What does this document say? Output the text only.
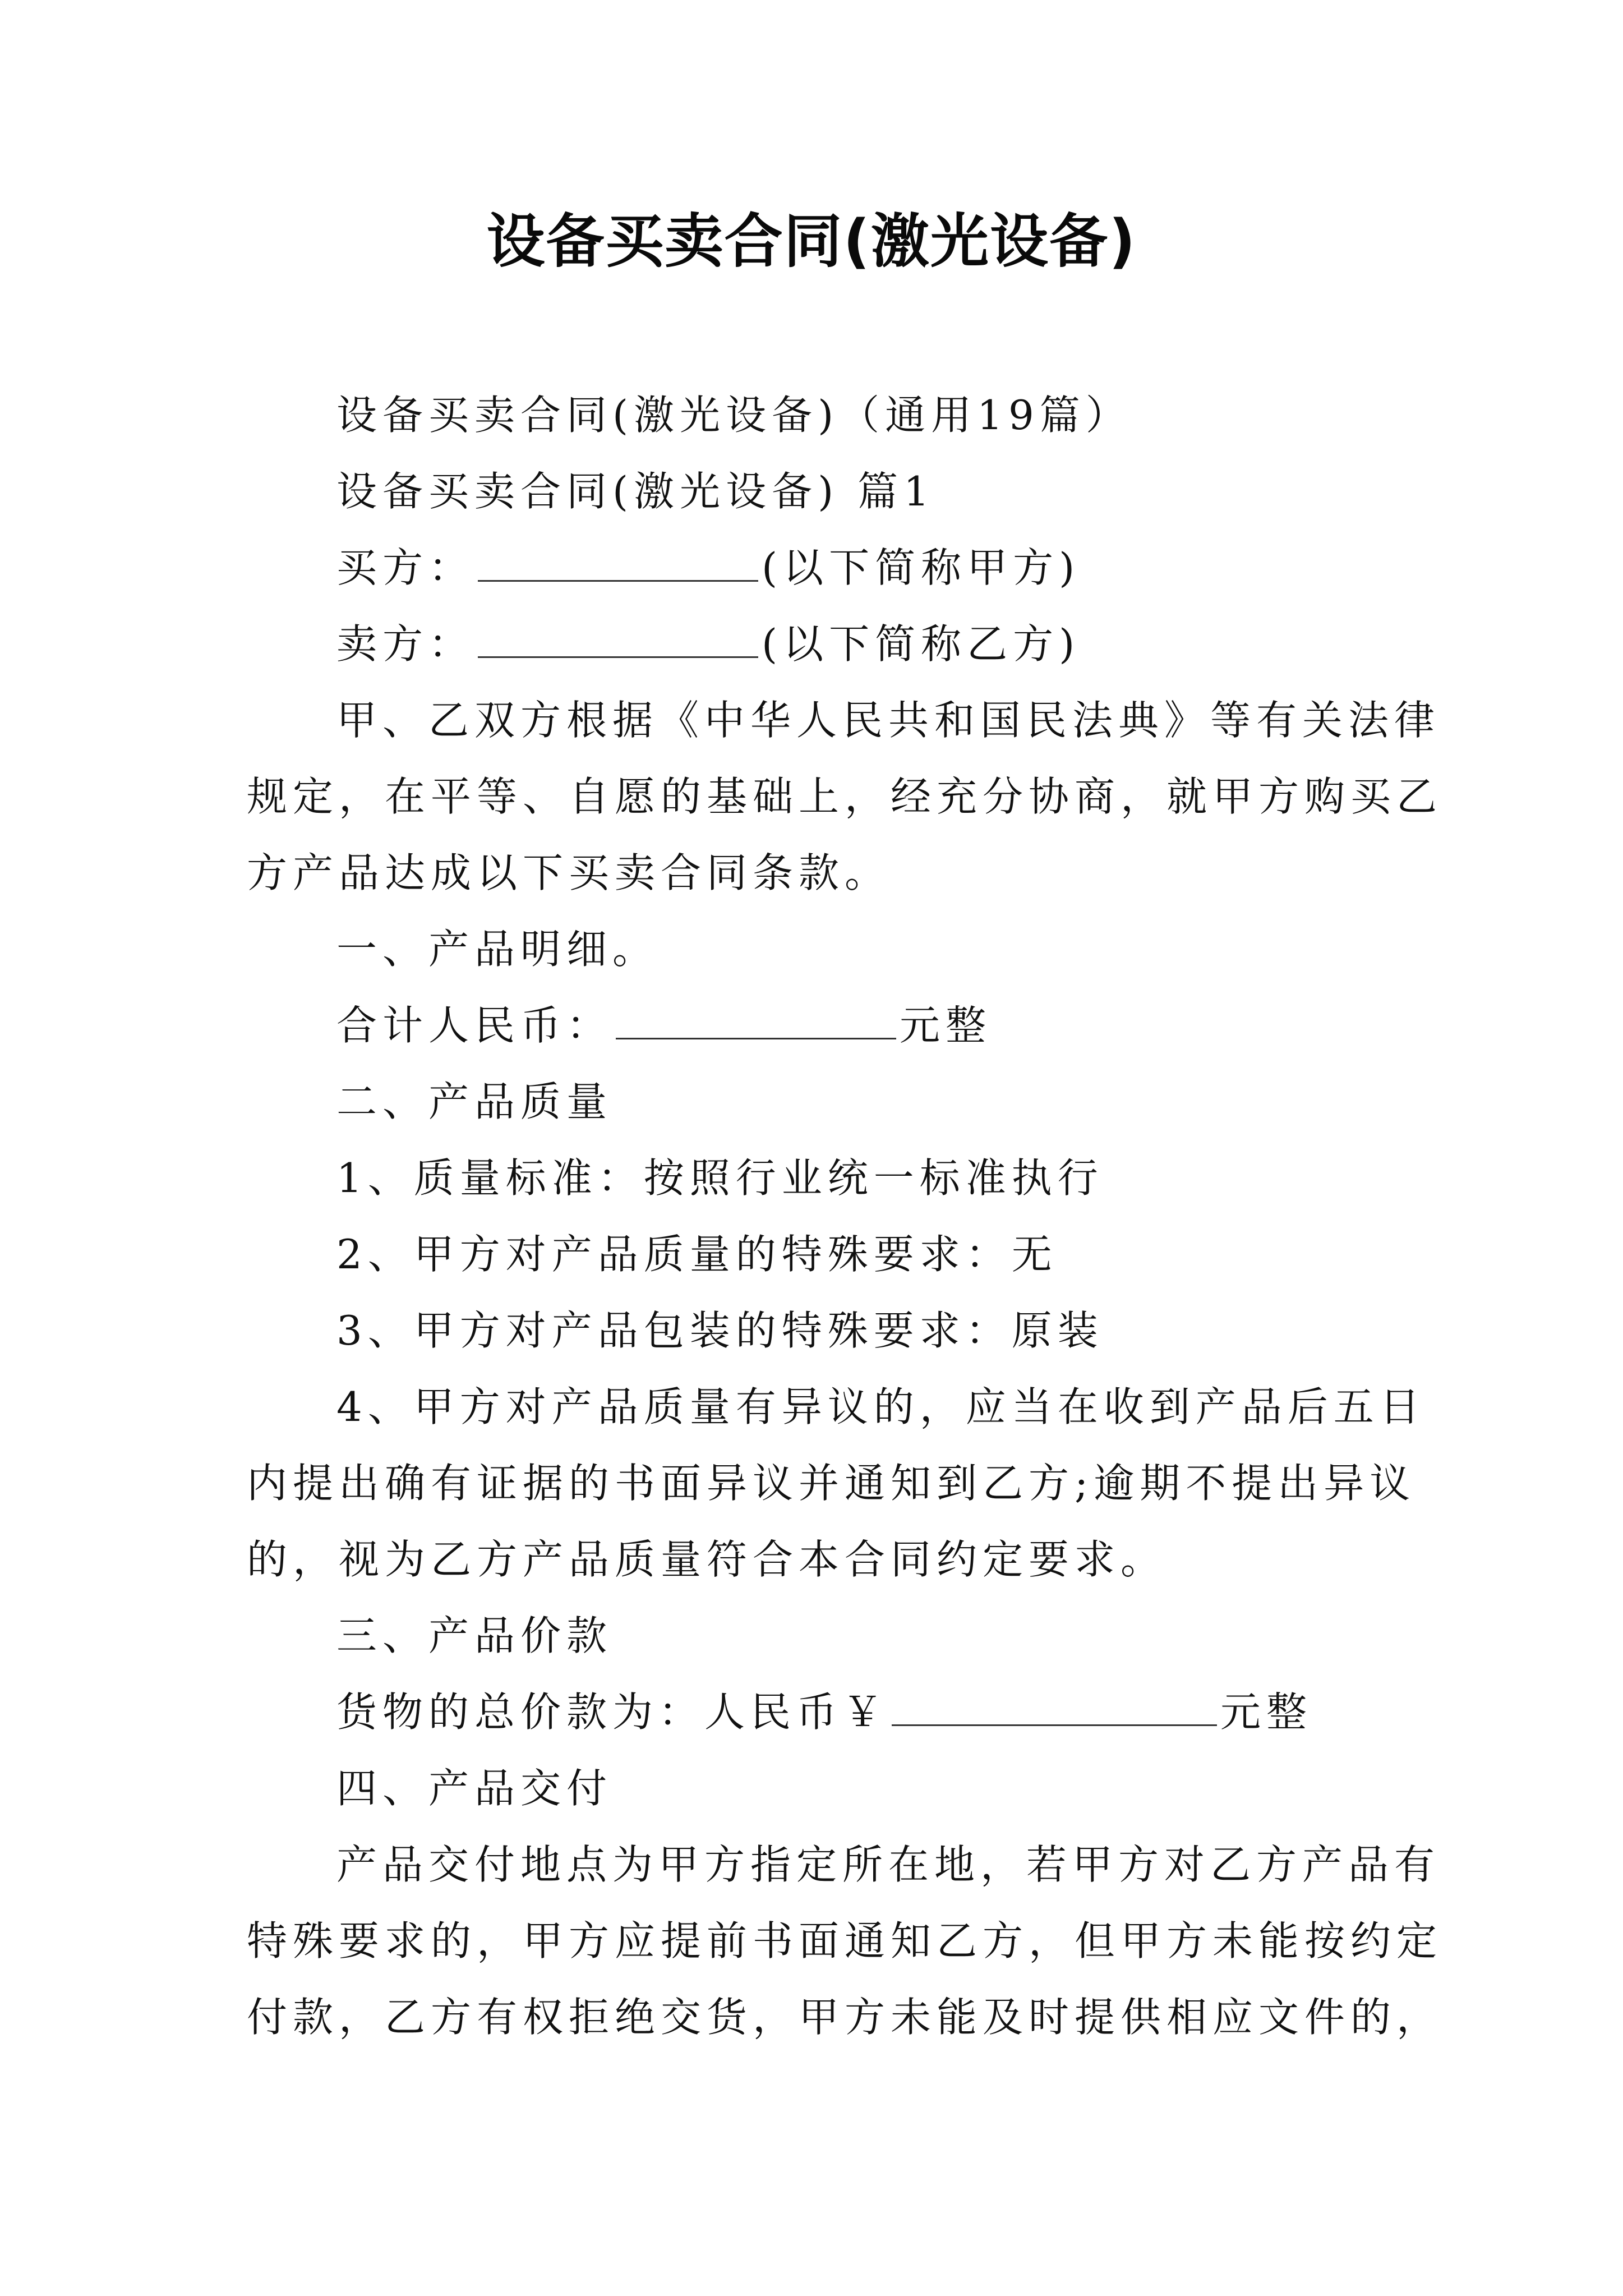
设备买卖合同(激光设备)
设备买卖合同(激光设备)（通用19篇）
设备买卖合同(激光设备) 篇1
买方：	(以下简称甲方)
卖方：	(以下简称乙方)
甲、乙双方根据《中华人民共和国民法典》等有关法律
规定，在平等、自愿的基础上，经充分协商，就甲方购买乙
方产品达成以下买卖合同条款。
一、产品明细。
合计人民币：	元整
二、产品质量
1、质量标准：按照行业统一标准执行
2、甲方对产品质量的特殊要求：无
3、甲方对产品包装的特殊要求：原装
4、甲方对产品质量有异议的，应当在收到产品后五日
内提出确有证据的书面异议并通知到乙方;逾期不提出异议
的，视为乙方产品质量符合本合同约定要求。
三、产品价款
货物的总价款为：人民币￥	元整
四、产品交付
产品交付地点为甲方指定所在地，若甲方对乙方产品有
特殊要求的，甲方应提前书面通知乙方，但甲方未能按约定
付款，乙方有权拒绝交货，甲方未能及时提供相应文件的，
